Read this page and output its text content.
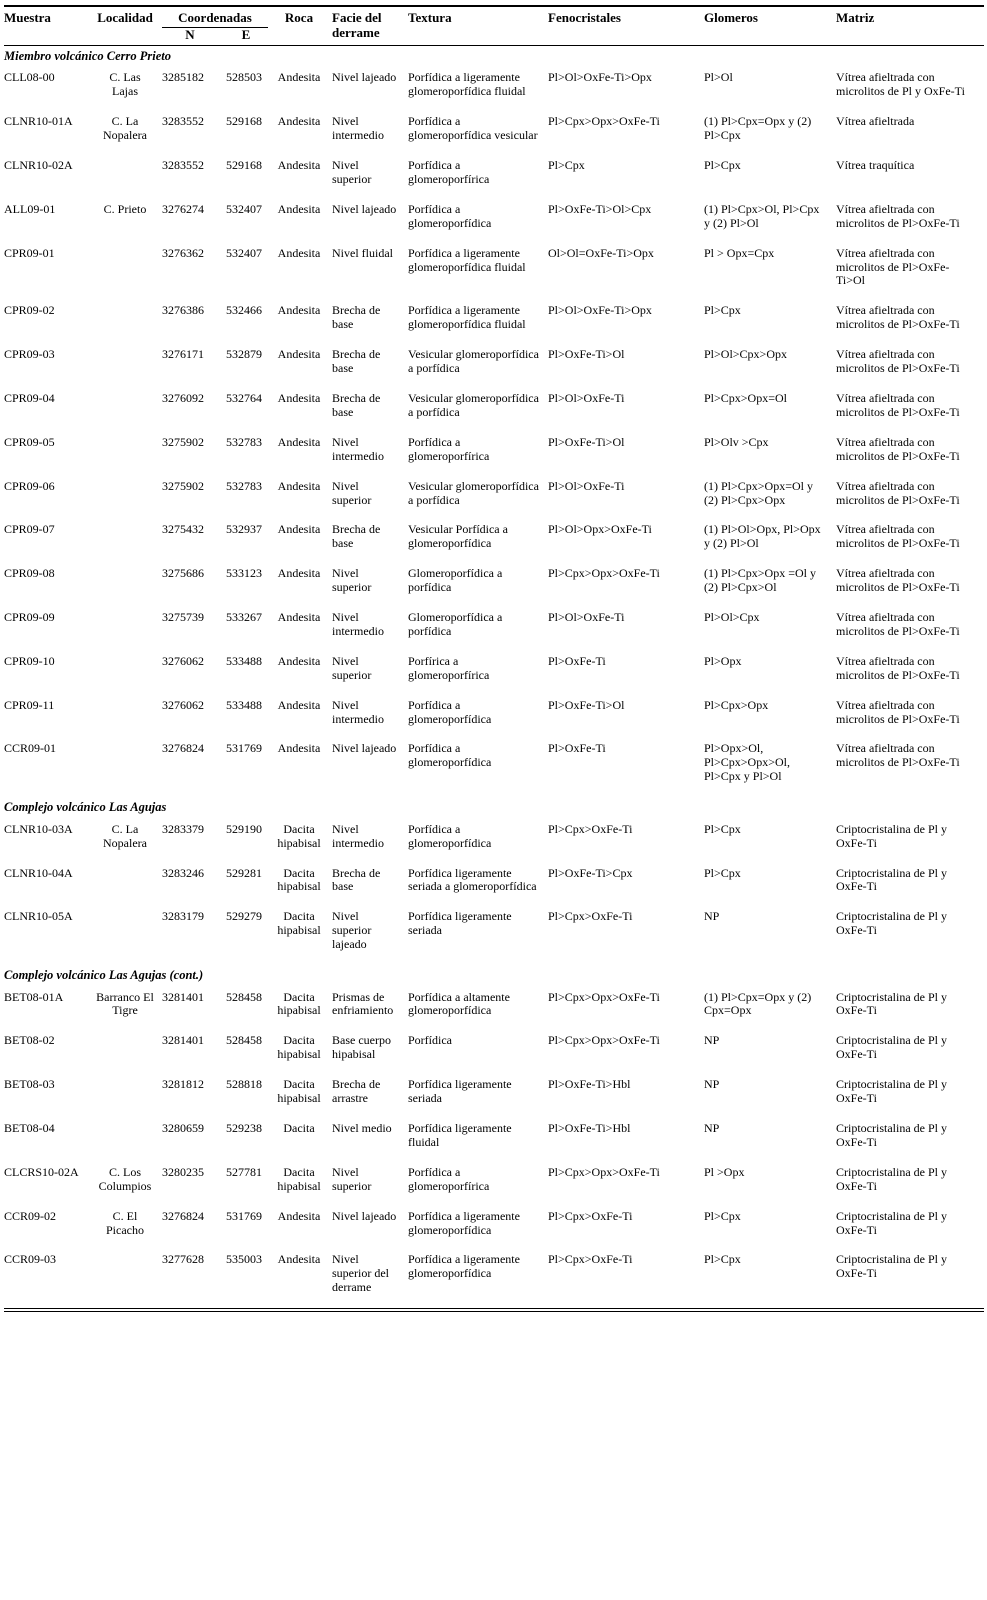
Muestra	Localidad	Coordenadas		Roca	Facie del derrame	Textura	Fenocristales	Glomeros	Matriz
		N	E						
Miembro volcánico Cerro Prieto									
CLL08-00	C. Las Lajas	3285182	528503	Andesita	Nivel lajeado	Porfídica a ligeramente glomeroporfídica fluidal	Pl>Ol>OxFe-Ti>Opx	Pl>Ol	Vítrea afieltrada con microlitos de Pl y OxFe-Ti
CLNR10-01A	C. La Nopalera	3283552	529168	Andesita	Nivel intermedio	Porfídica a glomeroporfídica vesicular	Pl>Cpx>Opx>OxFe-Ti	(1) Pl>Cpx=Opx y (2) Pl>Cpx	Vítrea afieltrada
CLNR10-02A		3283552	529168	Andesita	Nivel superior	Porfídica a glomeroporfírica	Pl>Cpx	Pl>Cpx	Vítrea traquítica
ALL09-01	C. Prieto	3276274	532407	Andesita	Nivel lajeado	Porfídica a glomeroporfídica	Pl>OxFe-Ti>Ol>Cpx	(1) Pl>Cpx>Ol, Pl>Cpx y (2) Pl>Ol	Vítrea afieltrada con microlitos de Pl>OxFe-Ti
CPR09-01		3276362	532407	Andesita	Nivel fluidal	Porfídica a ligeramente glomeroporfídica fluidal	Ol>Ol=OxFe-Ti>Opx	Pl > Opx=Cpx	Vítrea afieltrada con microlitos de Pl>OxFe-Ti>Ol
CPR09-02		3276386	532466	Andesita	Brecha de base	Porfídica a ligeramente glomeroporfídica fluidal	Pl>Ol>OxFe-Ti>Opx	Pl>Cpx	Vítrea afieltrada con microlitos de Pl>OxFe-Ti
CPR09-03		3276171	532879	Andesita	Brecha de base	Vesicular glomeroporfídica a porfídica	Pl>OxFe-Ti>Ol	Pl>Ol>Cpx>Opx	Vítrea afieltrada con microlitos de Pl>OxFe-Ti
CPR09-04		3276092	532764	Andesita	Brecha de base	Vesicular glomeroporfídica a porfídica	Pl>Ol>OxFe-Ti	Pl>Cpx>Opx=Ol	Vítrea afieltrada con microlitos de Pl>OxFe-Ti
CPR09-05		3275902	532783	Andesita	Nivel intermedio	Porfídica a glomeroporfírica	Pl>OxFe-Ti>Ol	Pl>Olv >Cpx	Vítrea afieltrada con microlitos de Pl>OxFe-Ti
CPR09-06		3275902	532783	Andesita	Nivel superior	Vesicular glomeroporfídica a porfídica	Pl>Ol>OxFe-Ti	(1) Pl>Cpx>Opx=Ol y (2) Pl>Cpx>Opx	Vítrea afieltrada con microlitos de Pl>OxFe-Ti
CPR09-07		3275432	532937	Andesita	Brecha de base	Vesicular Porfídica a glomeroporfídica	Pl>Ol>Opx>OxFe-Ti	(1) Pl>Ol>Opx, Pl>Opx y (2) Pl>Ol	Vítrea afieltrada con microlitos de Pl>OxFe-Ti
CPR09-08		3275686	533123	Andesita	Nivel superior	Glomeroporfídica a porfídica	Pl>Cpx>Opx>OxFe-Ti	(1) Pl>Cpx>Opx =Ol y (2) Pl>Cpx>Ol	Vítrea afieltrada con microlitos de Pl>OxFe-Ti
CPR09-09		3275739	533267	Andesita	Nivel intermedio	Glomeroporfídica a porfídica	Pl>Ol>OxFe-Ti	Pl>Ol>Cpx	Vítrea afieltrada con microlitos de Pl>OxFe-Ti
CPR09-10		3276062	533488	Andesita	Nivel superior	Porfírica a glomeroporfírica	Pl>OxFe-Ti	Pl>Opx	Vítrea afieltrada con microlitos de Pl>OxFe-Ti
CPR09-11		3276062	533488	Andesita	Nivel intermedio	Porfídica a glomeroporfídica	Pl>OxFe-Ti>Ol	Pl>Cpx>Opx	Vítrea afieltrada con microlitos de Pl>OxFe-Ti
CCR09-01		3276824	531769	Andesita	Nivel lajeado	Porfídica a glomeroporfídica	Pl>OxFe-Ti	Pl>Opx>Ol, Pl>Cpx>Opx>Ol, Pl>Cpx y Pl>Ol	Vítrea afieltrada con microlitos de Pl>OxFe-Ti
Complejo volcánico Las Agujas									
CLNR10-03A	C. La Nopalera	3283379	529190	Dacita hipabisal	Nivel intermedio	Porfídica a glomeroporfídica	Pl>Cpx>OxFe-Ti	Pl>Cpx	Criptocristalina de Pl y OxFe-Ti
CLNR10-04A		3283246	529281	Dacita hipabisal	Brecha de base	Porfídica ligeramente seriada a glomeroporfídica	Pl>OxFe-Ti>Cpx	Pl>Cpx	Criptocristalina de Pl y OxFe-Ti
CLNR10-05A		3283179	529279	Dacita hipabisal	Nivel superior lajeado	Porfídica ligeramente seriada	Pl>Cpx>OxFe-Ti	NP	Criptocristalina de Pl y OxFe-Ti
Complejo volcánico Las Agujas (cont.)									
BET08-01A	Barranco El Tigre	3281401	528458	Dacita hipabisal	Prismas de enfriamiento	Porfídica a altamente glomeroporfídica	Pl>Cpx>Opx>OxFe-Ti	(1) Pl>Cpx=Opx y (2) Cpx=Opx	Criptocristalina de Pl y OxFe-Ti
BET08-02		3281401	528458	Dacita hipabisal	Base cuerpo hipabisal	Porfídica	Pl>Cpx>Opx>OxFe-Ti	NP	Criptocristalina de Pl y OxFe-Ti
BET08-03		3281812	528818	Dacita hipabisal	Brecha de arrastre	Porfídica ligeramente seriada	Pl>OxFe-Ti>Hbl	NP	Criptocristalina de Pl y OxFe-Ti
BET08-04		3280659	529238	Dacita	Nivel medio	Porfídica ligeramente fluidal	Pl>OxFe-Ti>Hbl	NP	Criptocristalina de Pl y OxFe-Ti
CLCRS10-02A	C. Los Columpios	3280235	527781	Dacita hipabisal	Nivel superior	Porfídica a glomeroporfírica	Pl>Cpx>Opx>OxFe-Ti	Pl >Opx	Criptocristalina de Pl y OxFe-Ti
CCR09-02	C. El Picacho	3276824	531769	Andesita	Nivel lajeado	Porfídica a ligeramente glomeroporfídica	Pl>Cpx>OxFe-Ti	Pl>Cpx	Criptocristalina de Pl y OxFe-Ti
CCR09-03		3277628	535003	Andesita	Nivel superior del derrame	Porfídica a ligeramente glomeroporfídica	Pl>Cpx>OxFe-Ti	Pl>Cpx	Criptocristalina de Pl y OxFe-Ti
